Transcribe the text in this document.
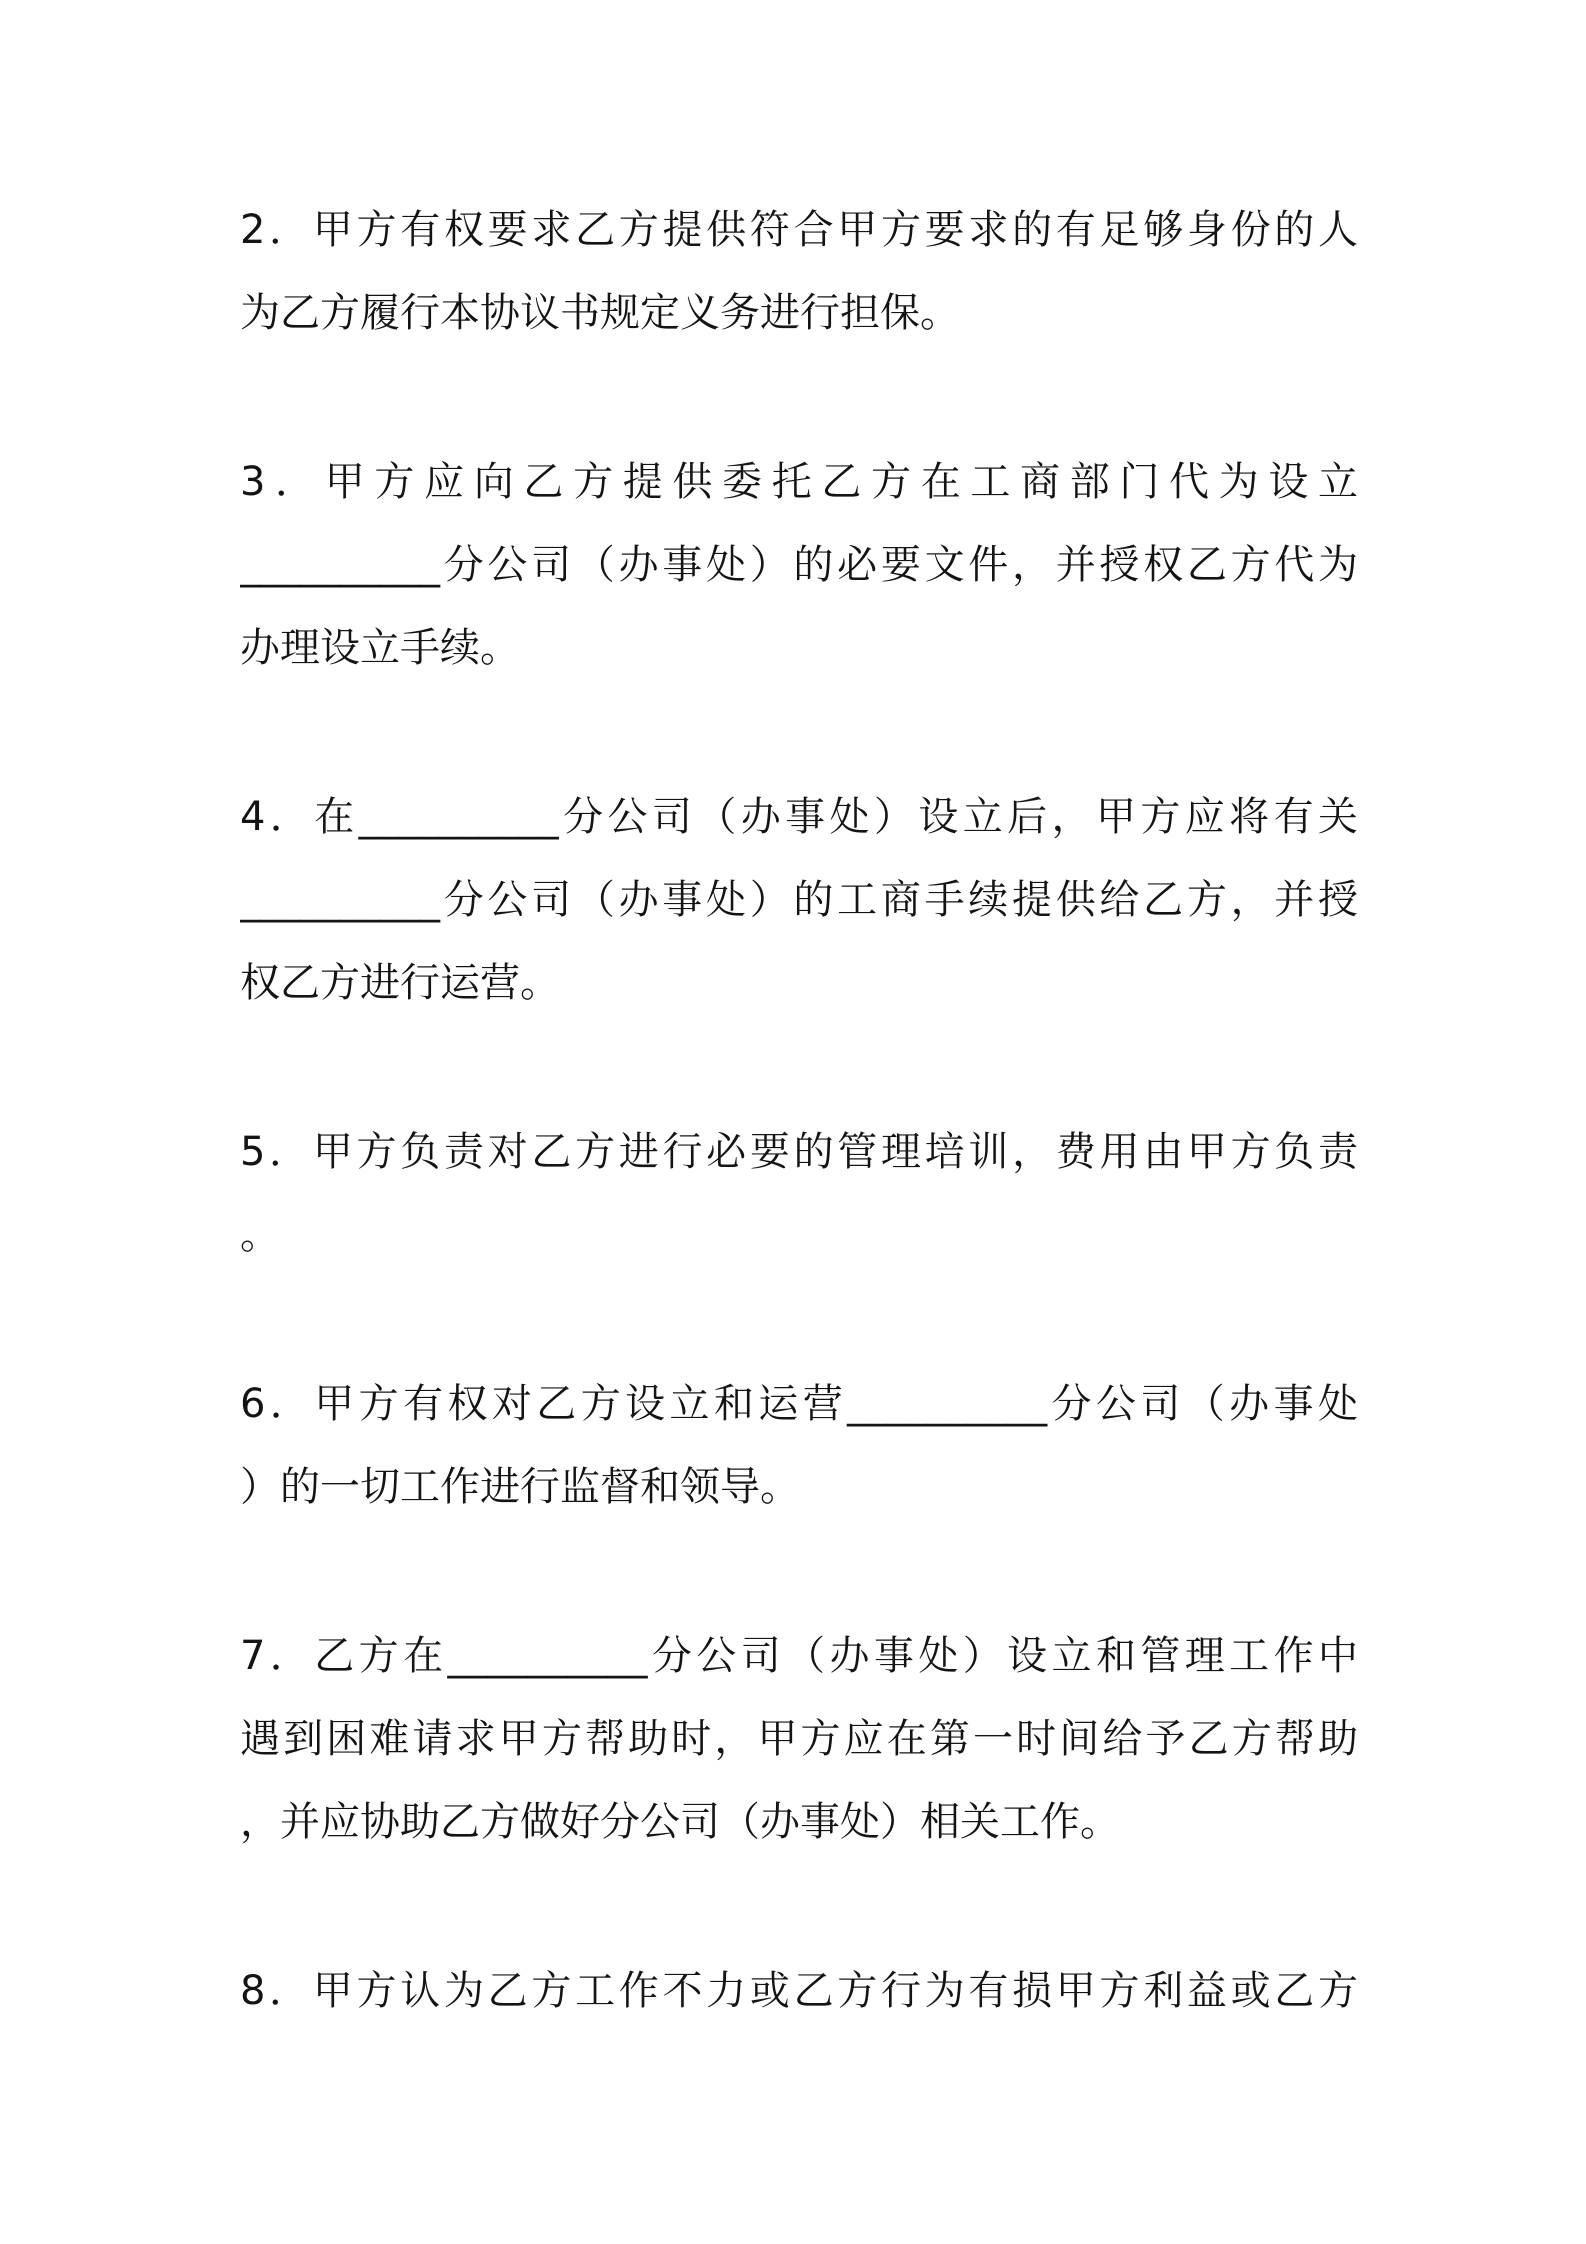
2．甲方有权要求乙方提供符合甲方要求的有足够身份的人
为乙方履行本协议书规定义务进行担保。
3．甲方应向乙方提供委托乙方在工商部门代为设立
__________分公司（办事处）的必要文件，并授权乙方代为
办理设立手续。
4．在__________分公司（办事处）设立后，甲方应将有关
__________分公司（办事处）的工商手续提供给乙方，并授
权乙方进行运营。
5．甲方负责对乙方进行必要的管理培训，费用由甲方负责
。
6．甲方有权对乙方设立和运营__________分公司（办事处
）的一切工作进行监督和领导。
7．乙方在__________分公司（办事处）设立和管理工作中
遇到困难请求甲方帮助时，甲方应在第一时间给予乙方帮助
，并应协助乙方做好分公司（办事处）相关工作。
8．甲方认为乙方工作不力或乙方行为有损甲方利益或乙方
